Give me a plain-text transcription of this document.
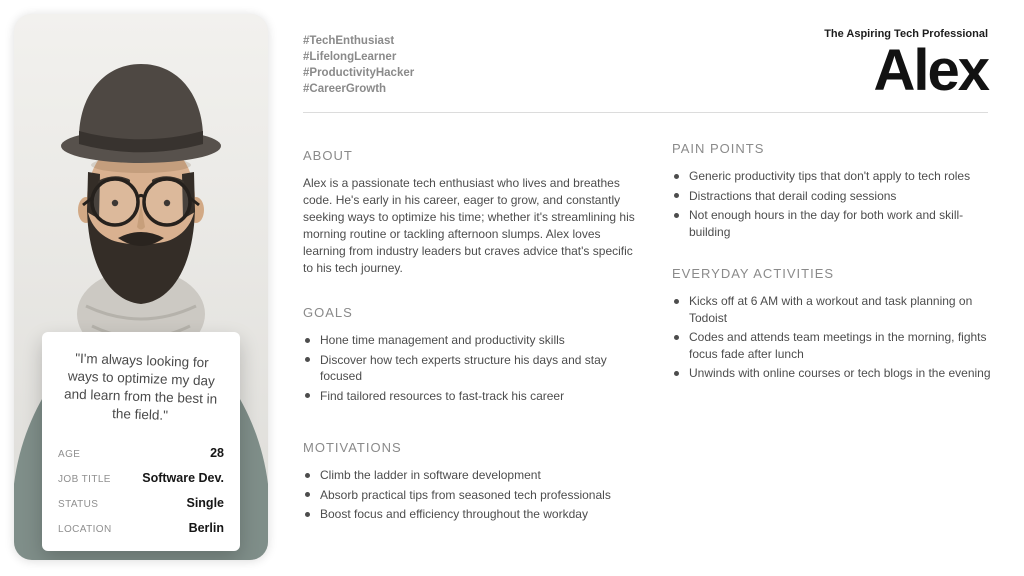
"I'm always looking for ways to optimize my day and learn from the best in the field."
AGE	28
JOB TITLE	Software Dev.
STATUS	Single
LOCATION	Berlin
The Aspiring Tech Professional
Alex
#TechEnthusiast
#LifelongLearner
#ProductivityHacker
#CareerGrowth
ABOUT
Alex is a passionate tech enthusiast who lives and breathes code. He's early in his career, eager to grow, and constantly seeking ways to optimize his time; whether it's streamlining his morning routine or tackling afternoon slumps. Alex loves learning from industry leaders but craves advice that's specific to his tech journey.
GOALS
Hone time management and productivity skills
Discover how tech experts structure his days and stay focused
Find tailored resources to fast-track his career
MOTIVATIONS
Climb the ladder in software development
Absorb practical tips from seasoned tech professionals
Boost focus and efficiency throughout the workday
PAIN POINTS
Generic productivity tips that don't apply to tech roles
Distractions that derail coding sessions
Not enough hours in the day for both work and skill-building
EVERYDAY ACTIVITIES
Kicks off at 6 AM with a workout and task planning on Todoist
Codes and attends team meetings in the morning, fights focus fade after lunch
Unwinds with online courses or tech blogs in the evening
